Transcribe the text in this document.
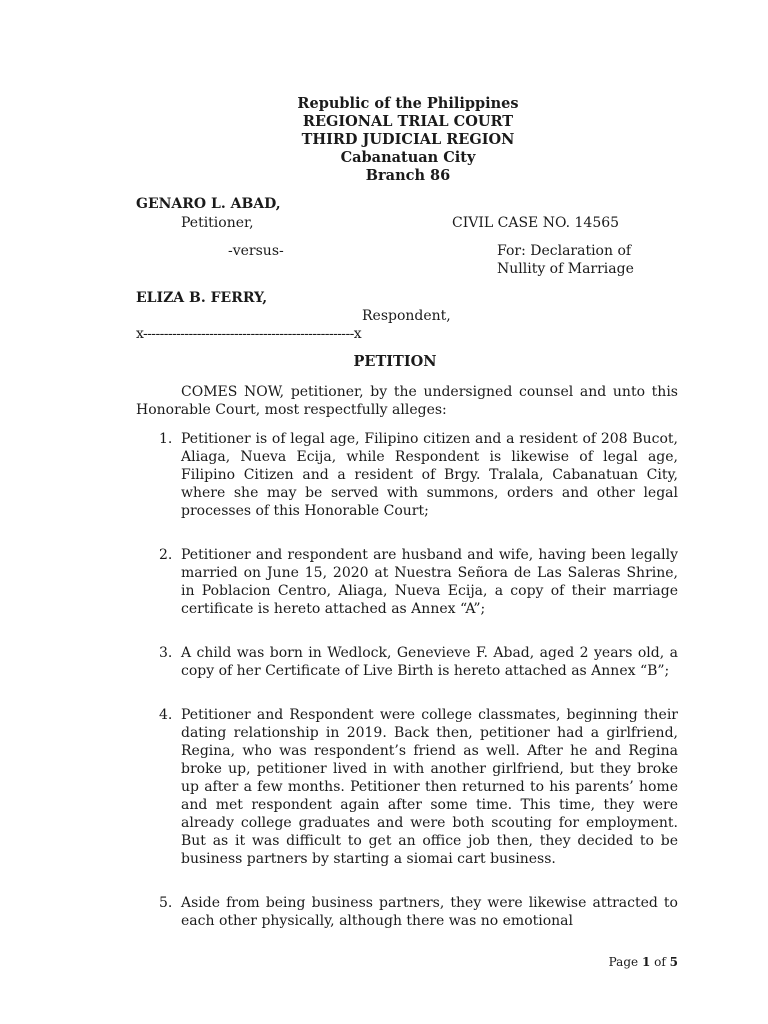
Republic of the Philippines
REGIONAL TRIAL COURT
THIRD JUDICIAL REGION
Cabanatuan City
Branch 86
GENARO L. ABAD,
Petitioner,	CIVIL CASE NO. 14565
-versus-	For: Declaration of
Nullity of Marriage
ELIZA B. FERRY,
Respondent,
x---------------------------------------------------x
PETITION

COMES NOW, petitioner, by the undersigned counsel and unto this Honorable Court, most respectfully alleges:

1. Petitioner is of legal age, Filipino citizen and a resident of 208 Bucot, Aliaga, Nueva Ecija, while Respondent is likewise of legal age, Filipino Citizen and a resident of Brgy. Tralala, Cabanatuan City, where she may be served with summons, orders and other legal processes of this Honorable Court;
2. Petitioner and respondent are husband and wife, having been legally married on June 15, 2020 at Nuestra Señora de Las Saleras Shrine, in Poblacion Centro, Aliaga, Nueva Ecija, a copy of their marriage certificate is hereto attached as Annex “A”;
3. A child was born in Wedlock, Genevieve F. Abad, aged 2 years old, a copy of her Certificate of Live Birth is hereto attached as Annex “B”;
4. Petitioner and Respondent were college classmates, beginning their dating relationship in 2019. Back then, petitioner had a girlfriend, Regina, who was respondent’s friend as well. After he and Regina broke up, petitioner lived in with another girlfriend, but they broke up after a few months. Petitioner then returned to his parents’ home and met respondent again after some time. This time, they were already college graduates and were both scouting for employment. But as it was difficult to get an office job then, they decided to be business partners by starting a siomai cart business.
5. Aside from being business partners, they were likewise attracted to each other physically, although there was no emotional
Page 1 of 5
